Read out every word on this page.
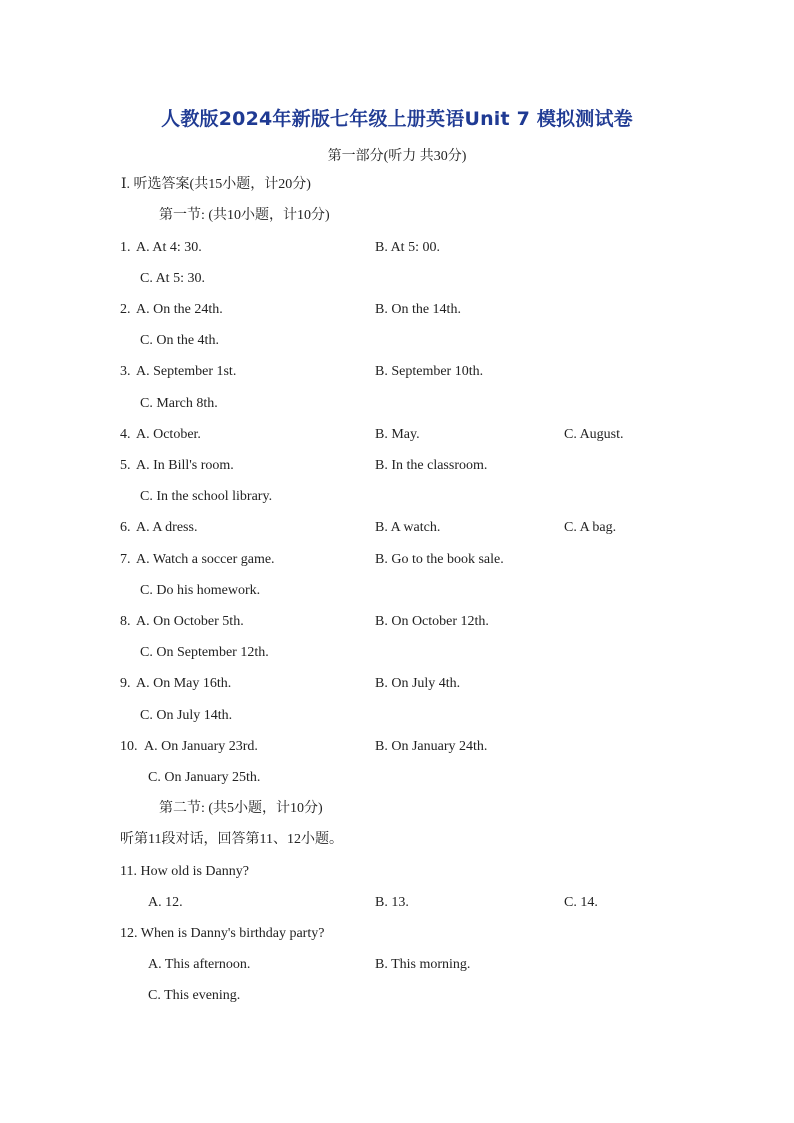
人教版2024年新版七年级上册英语Unit 7 模拟测试卷
第一部分(听力 共30分)
Ⅰ. 听选答案(共15小题，计20分)
第一节: (共10小题，计10分)
1. A. At 4: 30.	B. At 5: 00.
C. At 5: 30.
2. A. On the 24th.	B. On the 14th.
C. On the 4th.
3. A. September 1st.	B. September 10th.
C. March 8th.
4. A. October.	B. May.	C. August.
5. A. In Bill's room.	B. In the classroom.
C. In the school library.
6. A. A dress.	B. A watch.	C. A bag.
7. A. Watch a soccer game.	B. Go to the book sale.
C. Do his homework.
8. A. On October 5th.	B. On October 12th.
C. On September 12th.
9. A. On May 16th.	B. On July 4th.
C. On July 14th.
10. A. On January 23rd.	B. On January 24th.
C. On January 25th.
第二节: (共5小题，计10分)
听第11段对话，回答第11、12小题。
11. How old is Danny?
A. 12.	B. 13.	C. 14.
12. When is Danny's birthday party?
A. This afternoon.	B. This morning.
C. This evening.
